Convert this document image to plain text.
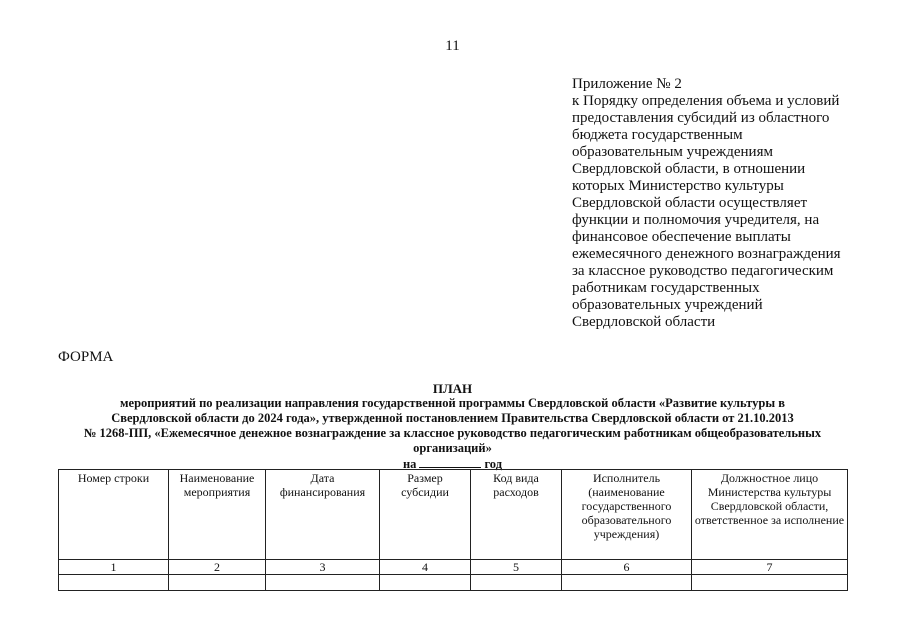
11
Приложение № 2
к Порядку определения объема и условий
предоставления субсидий из областного
бюджета государственным
образовательным учреждениям
Свердловской области, в отношении
которых Министерство культуры
Свердловской области осуществляет
функции и полномочия учредителя, на
финансовое обеспечение выплаты
ежемесячного денежного вознаграждения
за классное руководство педагогическим
работникам государственных
образовательных учреждений
Свердловской области
ФОРМА
ПЛАН
мероприятий по реализации направления государственной программы Свердловской области «Развитие культуры в
Свердловской области до 2024 года», утвержденной постановлением Правительства Свердловской области от 21.10.2013
№ 1268-ПП, «Ежемесячное денежное вознаграждение за классное руководство педагогическим работникам общеобразовательных
организаций»
на	год
Номер строки	Наименование мероприятия	Дата финансирования	Размер субсидии	Код вида расходов	Исполнитель (наименование государственного образовательного учреждения)	Должностное лицо Министерства культуры Свердловской области, ответственное за исполнение
1	2	3	4	5	6	7
